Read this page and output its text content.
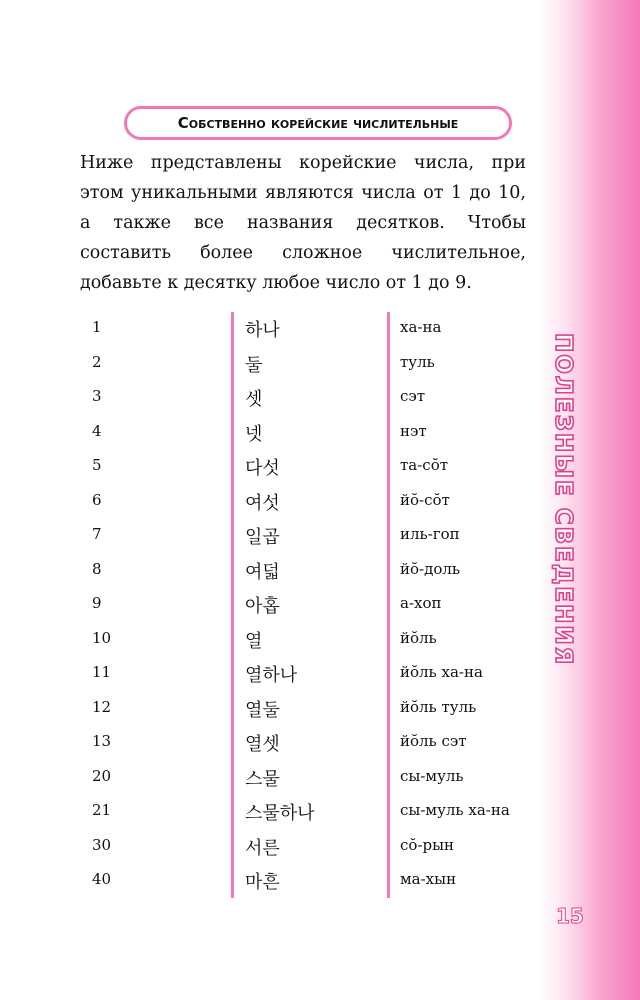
ПОЛЕЗНЫЕ СВЕДЕНИЯ
15
Собственно корейские числительные
Ниже представлены корейские числа, при этом уникальными являются числа от 1 до 10, а также все названия десятков. Чтобы составить более сложное числительное, добавьте к десятку любое число от 1 до 9.
1	하나	ха-на
2	둘	туль
3	셋	сэт
4	넷	нэт
5	다섯	та-сŏт
6	여섯	йŏ-сŏт
7	일곱	иль-гоп
8	여덟	йŏ-доль
9	아홉	а-хоп
10	열	йŏль
11	열하나	йŏль ха-на
12	열둘	йŏль туль
13	열셋	йŏль сэт
20	스물	сы-муль
21	스물하나	сы-муль ха-на
30	서른	сŏ-рын
40	마흔	ма-хын
